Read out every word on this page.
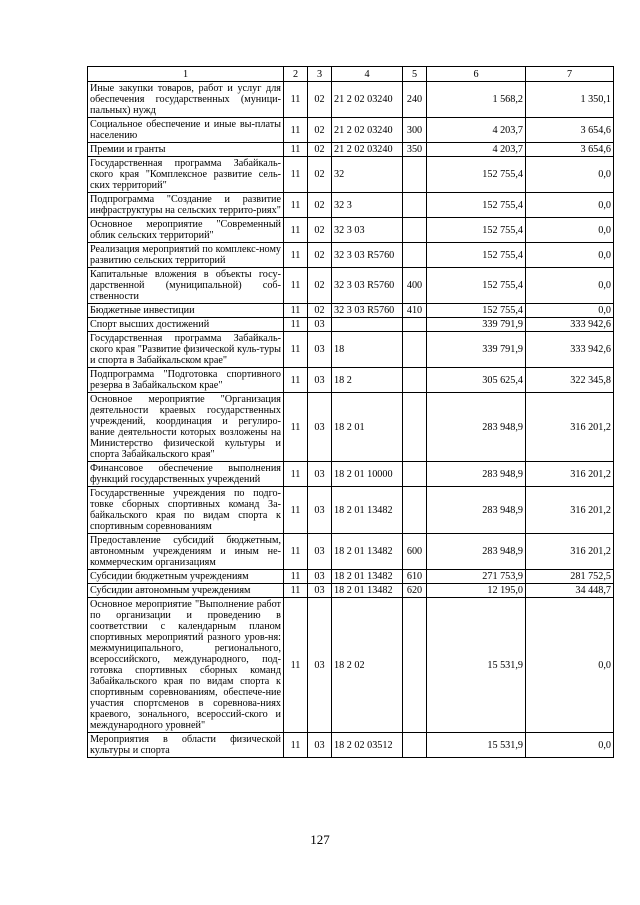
1	2	3	4	5	6	7
Иные закупки товаров, работ и услуг для обеспечения государственных (муници-пальных) нужд	11	02	21 2 02 03240	240	1 568,2	1 350,1
Социальное обеспечение и иные вы-платы населению	11	02	21 2 02 03240	300	4 203,7	3 654,6
Премии и гранты	11	02	21 2 02 03240	350	4 203,7	3 654,6
Государственная программа Забайкаль-ского края "Комплексное развитие сель-ских территорий"	11	02	32		152 755,4	0,0
Подпрограмма "Создание и развитие инфраструктуры на сельских террито-риях"	11	02	32 3		152 755,4	0,0
Основное мероприятие "Современный облик сельских территорий"	11	02	32 3 03		152 755,4	0,0
Реализация мероприятий по комплекс-ному развитию сельских территорий	11	02	32 3 03 R5760		152 755,4	0,0
Капитальные вложения в объекты госу-дарственной (муниципальной) соб-ственности	11	02	32 3 03 R5760	400	152 755,4	0,0
Бюджетные инвестиции	11	02	32 3 03 R5760	410	152 755,4	0,0
Спорт высших достижений	11	03			339 791,9	333 942,6
Государственная программа Забайкаль-ского края "Развитие физической куль-туры и спорта в Забайкальском крае"	11	03	18		339 791,9	333 942,6
Подпрограмма "Подготовка спортивного резерва в Забайкальском крае"	11	03	18 2		305 625,4	322 345,8
Основное мероприятие "Организация деятельности краевых государственных учреждений, координация и регулиро-вание деятельности которых возложены на Министерство физической культуры и спорта Забайкальского края"	11	03	18 2 01		283 948,9	316 201,2
Финансовое обеспечение выполнения функций государственных учреждений	11	03	18 2 01 10000		283 948,9	316 201,2
Государственные учреждения по подго-товке сборных спортивных команд За-байкальского края по видам спорта к спортивным соревнованиям	11	03	18 2 01 13482		283 948,9	316 201,2
Предоставление субсидий бюджетным, автономным учреждениям и иным не-коммерческим организациям	11	03	18 2 01 13482	600	283 948,9	316 201,2
Субсидии бюджетным учреждениям	11	03	18 2 01 13482	610	271 753,9	281 752,5
Субсидии автономным учреждениям	11	03	18 2 01 13482	620	12 195,0	34 448,7
Основное мероприятие "Выполнение работ по организации и проведению в соответствии с календарным планом спортивных мероприятий разного уров-ня: межмуниципального, регионального, всероссийского, международного, под-готовка спортивных сборных команд Забайкальского края по видам спорта к спортивным соревнованиям, обеспече-ние участия спортсменов в соревнова-ниях краевого, зонального, всероссий-ского и международного уровней"	11	03	18 2 02		15 531,9	0,0
Мероприятия в области физической культуры и спорта	11	03	18 2 02 03512		15 531,9	0,0
127
